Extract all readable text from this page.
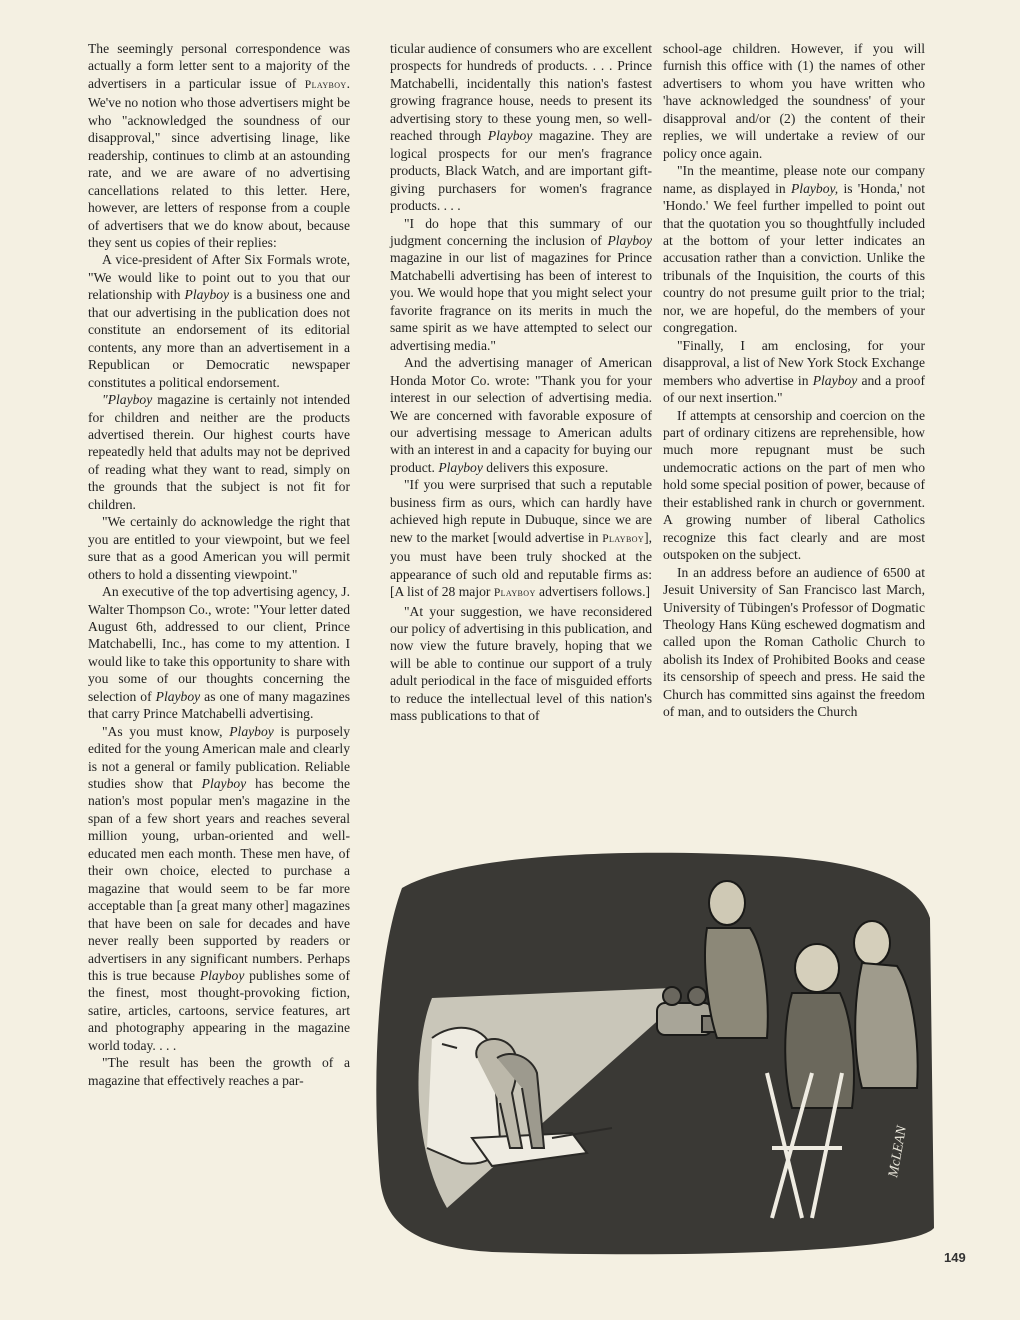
The seemingly personal correspondence was actually a form letter sent to a majority of the advertisers in a particular issue of Playboy. We've no notion who those advertisers might be who "acknowledged the soundness of our disapproval," since advertising linage, like readership, continues to climb at an astounding rate, and we are aware of no advertising cancellations related to this letter. Here, however, are letters of response from a couple of advertisers that we do know about, because they sent us copies of their replies:

A vice-president of After Six Formals wrote, "We would like to point out to you that our relationship with Playboy is a business one and that our advertising in the publication does not constitute an endorsement of its editorial contents, any more than an advertisement in a Republican or Democratic newspaper constitutes a political endorsement.

"Playboy magazine is certainly not intended for children and neither are the products advertised therein. Our highest courts have repeatedly held that adults may not be deprived of reading what they want to read, simply on the grounds that the subject is not fit for children.

"We certainly do acknowledge the right that you are entitled to your viewpoint, but we feel sure that as a good American you will permit others to hold a dissenting viewpoint."

An executive of the top advertising agency, J. Walter Thompson Co., wrote: "Your letter dated August 6th, addressed to our client, Prince Matchabelli, Inc., has come to my attention. I would like to take this opportunity to share with you some of our thoughts concerning the selection of Playboy as one of many magazines that carry Prince Matchabelli advertising.

"As you must know, Playboy is purposely edited for the young American male and clearly is not a general or family publication. Reliable studies show that Playboy has become the nation's most popular men's magazine in the span of a few short years and reaches several million young, urban-oriented and well-educated men each month. These men have, of their own choice, elected to purchase a magazine that would seem to be far more acceptable than [a great many other] magazines that have been on sale for decades and have never really been supported by readers or advertisers in any significant numbers. Perhaps this is true because Playboy publishes some of the finest, most thought-provoking fiction, satire, articles, cartoons, service features, art and photography appearing in the magazine world today. . . .

"The result has been the growth of a magazine that effectively reaches a par-

ticular audience of consumers who are excellent prospects for hundreds of products. . . . Prince Matchabelli, incidentally this nation's fastest growing fragrance house, needs to present its advertising story to these young men, so well-reached through Playboy magazine. They are logical prospects for our men's fragrance products, Black Watch, and are important gift-giving purchasers for women's fragrance products. . . .

"I do hope that this summary of our judgment concerning the inclusion of Playboy magazine in our list of magazines for Prince Matchabelli advertising has been of interest to you. We would hope that you might select your favorite fragrance on its merits in much the same spirit as we have attempted to select our advertising media."

And the advertising manager of American Honda Motor Co. wrote: "Thank you for your interest in our selection of advertising media. We are concerned with favorable exposure of our advertising message to American adults with an interest in and a capacity for buying our product. Playboy delivers this exposure.

"If you were surprised that such a reputable business firm as ours, which can hardly have achieved high repute in Dubuque, since we are new to the market [would advertise in Playboy], you must have been truly shocked at the appearance of such old and reputable firms as: [A list of 28 major Playboy advertisers follows.]

"At your suggestion, we have reconsidered our policy of advertising in this publication, and now view the future bravely, hoping that we will be able to continue our support of a truly adult periodical in the face of misguided efforts to reduce the intellectual level of this nation's mass publications to that of

school-age children. However, if you will furnish this office with (1) the names of other advertisers to whom you have written who 'have acknowledged the soundness' of your disapproval and/or (2) the content of their replies, we will undertake a review of our policy once again.

"In the meantime, please note our company name, as displayed in Playboy, is 'Honda,' not 'Hondo.' We feel further impelled to point out that the quotation you so thoughtfully included at the bottom of your letter indicates an accusation rather than a conviction. Unlike the tribunals of the Inquisition, the courts of this country do not presume guilt prior to the trial; nor, we are hopeful, do the members of your congregation.

"Finally, I am enclosing, for your disapproval, a list of New York Stock Exchange members who advertise in Playboy and a proof of our next insertion."

If attempts at censorship and coercion on the part of ordinary citizens are reprehensible, how much more repugnant must be such undemocratic actions on the part of men who hold some special position of power, because of their established rank in church or government. A growing number of liberal Catholics recognize this fact clearly and are most outspoken on the subject.

In an address before an audience of 6500 at Jesuit University of San Francisco last March, University of Tübingen's Professor of Dogmatic Theology Hans Küng eschewed dogmatism and called upon the Roman Catholic Church to abolish its Index of Prohibited Books and cease its censorship of speech and press. He said the Church has committed sins against the freedom of man, and to outsiders the Church

McLEAN
149
